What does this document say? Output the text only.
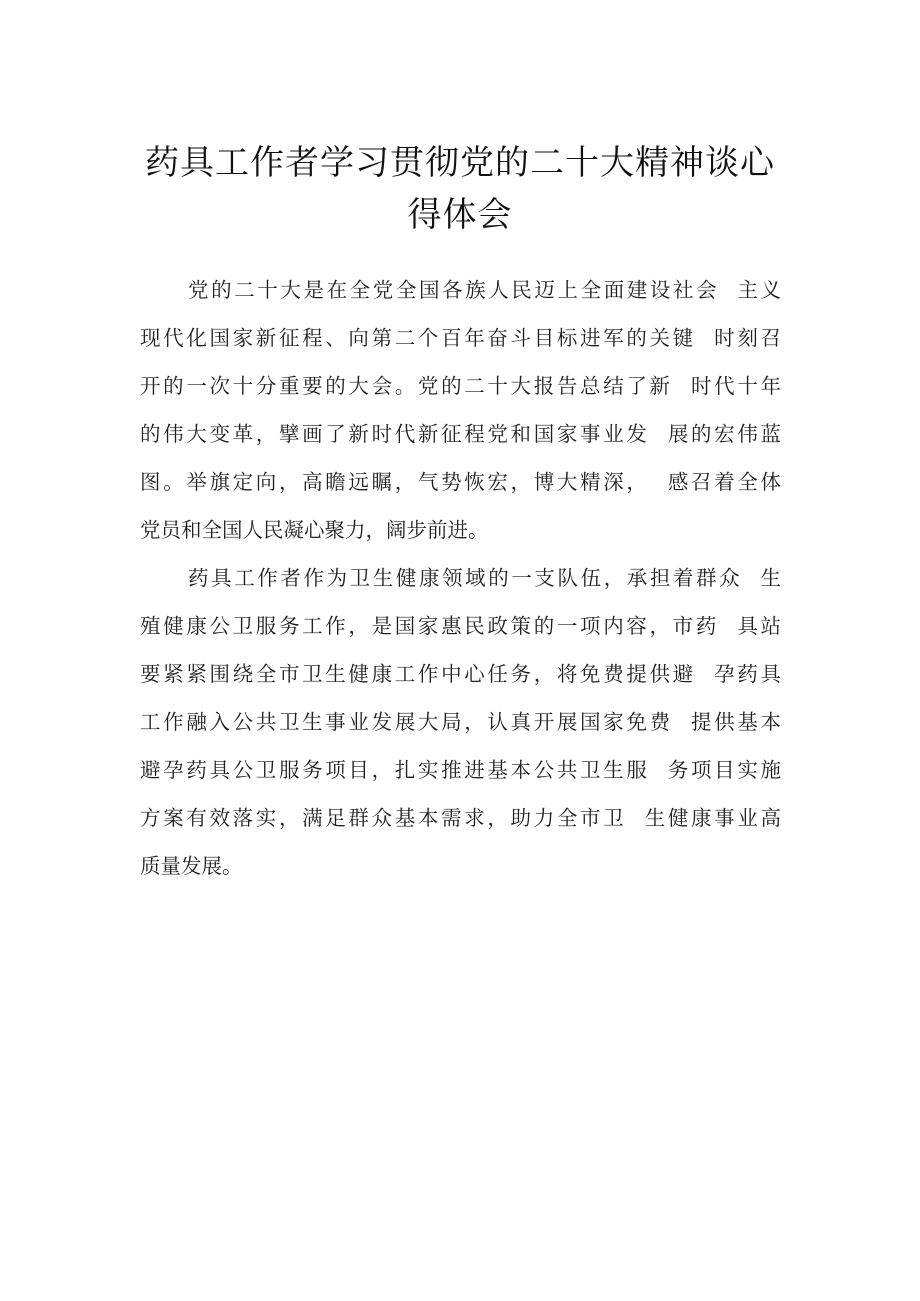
药具工作者学习贯彻党的二十大精神谈心
得体会
党的二十大是在全党全国各族人民迈上全面建设社会  主义
现代化国家新征程、向第二个百年奋斗目标进军的关键  时刻召
开的一次十分重要的大会。党的二十大报告总结了新  时代十年
的伟大变革，擘画了新时代新征程党和国家事业发  展的宏伟蓝
图。举旗定向，高瞻远瞩，气势恢宏，博大精深，  感召着全体
党员和全国人民凝心聚力，阔步前进。
药具工作者作为卫生健康领域的一支队伍，承担着群众  生
殖健康公卫服务工作，是国家惠民政策的一项内容，市药  具站
要紧紧围绕全市卫生健康工作中心任务，将免费提供避  孕药具
工作融入公共卫生事业发展大局，认真开展国家免费  提供基本
避孕药具公卫服务项目，扎实推进基本公共卫生服  务项目实施
方案有效落实，满足群众基本需求，助力全市卫  生健康事业高
质量发展。
